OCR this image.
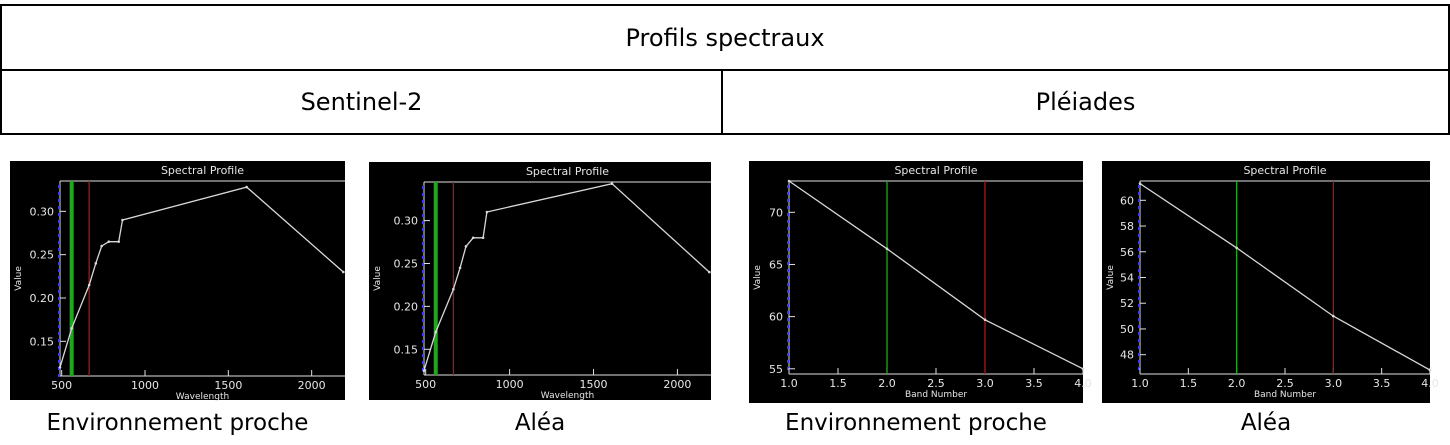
Profils spectraux
Sentinel-2	Pléiades
Spectral Profile
0.15
0.20
0.25
0.30
500	1000	1500	2000
Wavelength
Value
Spectral Profile
0.15
0.20
0.25
0.30
500	1000	1500	2000
Wavelength
Value
Spectral Profile
55
60
65
70
1.0	1.5	2.0	2.5	3.0	3.5	4.0
Band Number
Value
Spectral Profile
48
50
52
54
56
58
60
1.0	1.5	2.0	2.5	3.0	3.5	4.0
Band Number
Value
Environnement proche	Aléa	Environnement proche	Aléa
